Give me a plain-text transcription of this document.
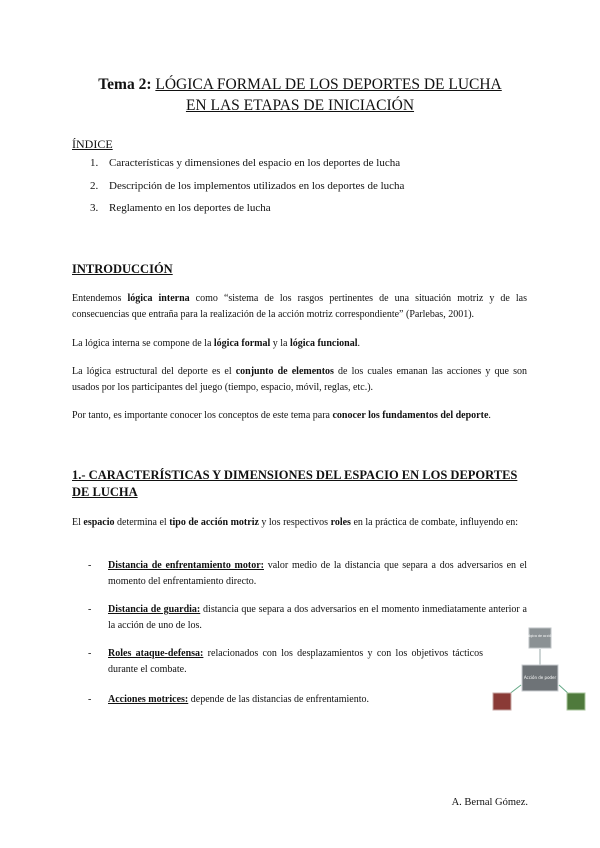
Tema 2: LÓGICA FORMAL DE LOS DEPORTES DE LUCHA
EN LAS ETAPAS DE INICIACIÓN
ÍNDICE
1. Características y dimensiones del espacio en los deportes de lucha
2. Descripción de los implementos utilizados en los deportes de lucha
3. Reglamento en los deportes de lucha
INTRODUCCIÓN
Entendemos lógica interna como “sistema de los rasgos pertinentes de una situación motriz y de las consecuencias que entraña para la realización de la acción motriz correspondiente” (Parlebas, 2001).
La lógica interna se compone de la lógica formal y la lógica funcional.
La lógica estructural del deporte es el conjunto de elementos de los cuales emanan las acciones y que son usados por los participantes del juego (tiempo, espacio, móvil, reglas, etc.).
Por tanto, es importante conocer los conceptos de este tema para conocer los fundamentos del deporte.
1.- CARACTERÍSTICAS Y DIMENSIONES DEL ESPACIO EN LOS DEPORTES DE LUCHA
El espacio determina el tipo de acción motriz y los respectivos roles en la práctica de combate, influyendo en:
- Distancia de enfrentamiento motor: valor medio de la distancia que separa a dos adversarios en el momento del enfrentamiento directo.
- Distancia de guardia: distancia que separa a dos adversarios en el momento inmediatamente anterior a la acción de uno de los.
- Roles ataque-defensa: relacionados con los desplazamientos y con los objetivos tácticos durante el combate.
- Acciones motrices: depende de las distancias de enfrentamiento.
Lógica de acción
Acción de poder
A. Bernal Gómez.
